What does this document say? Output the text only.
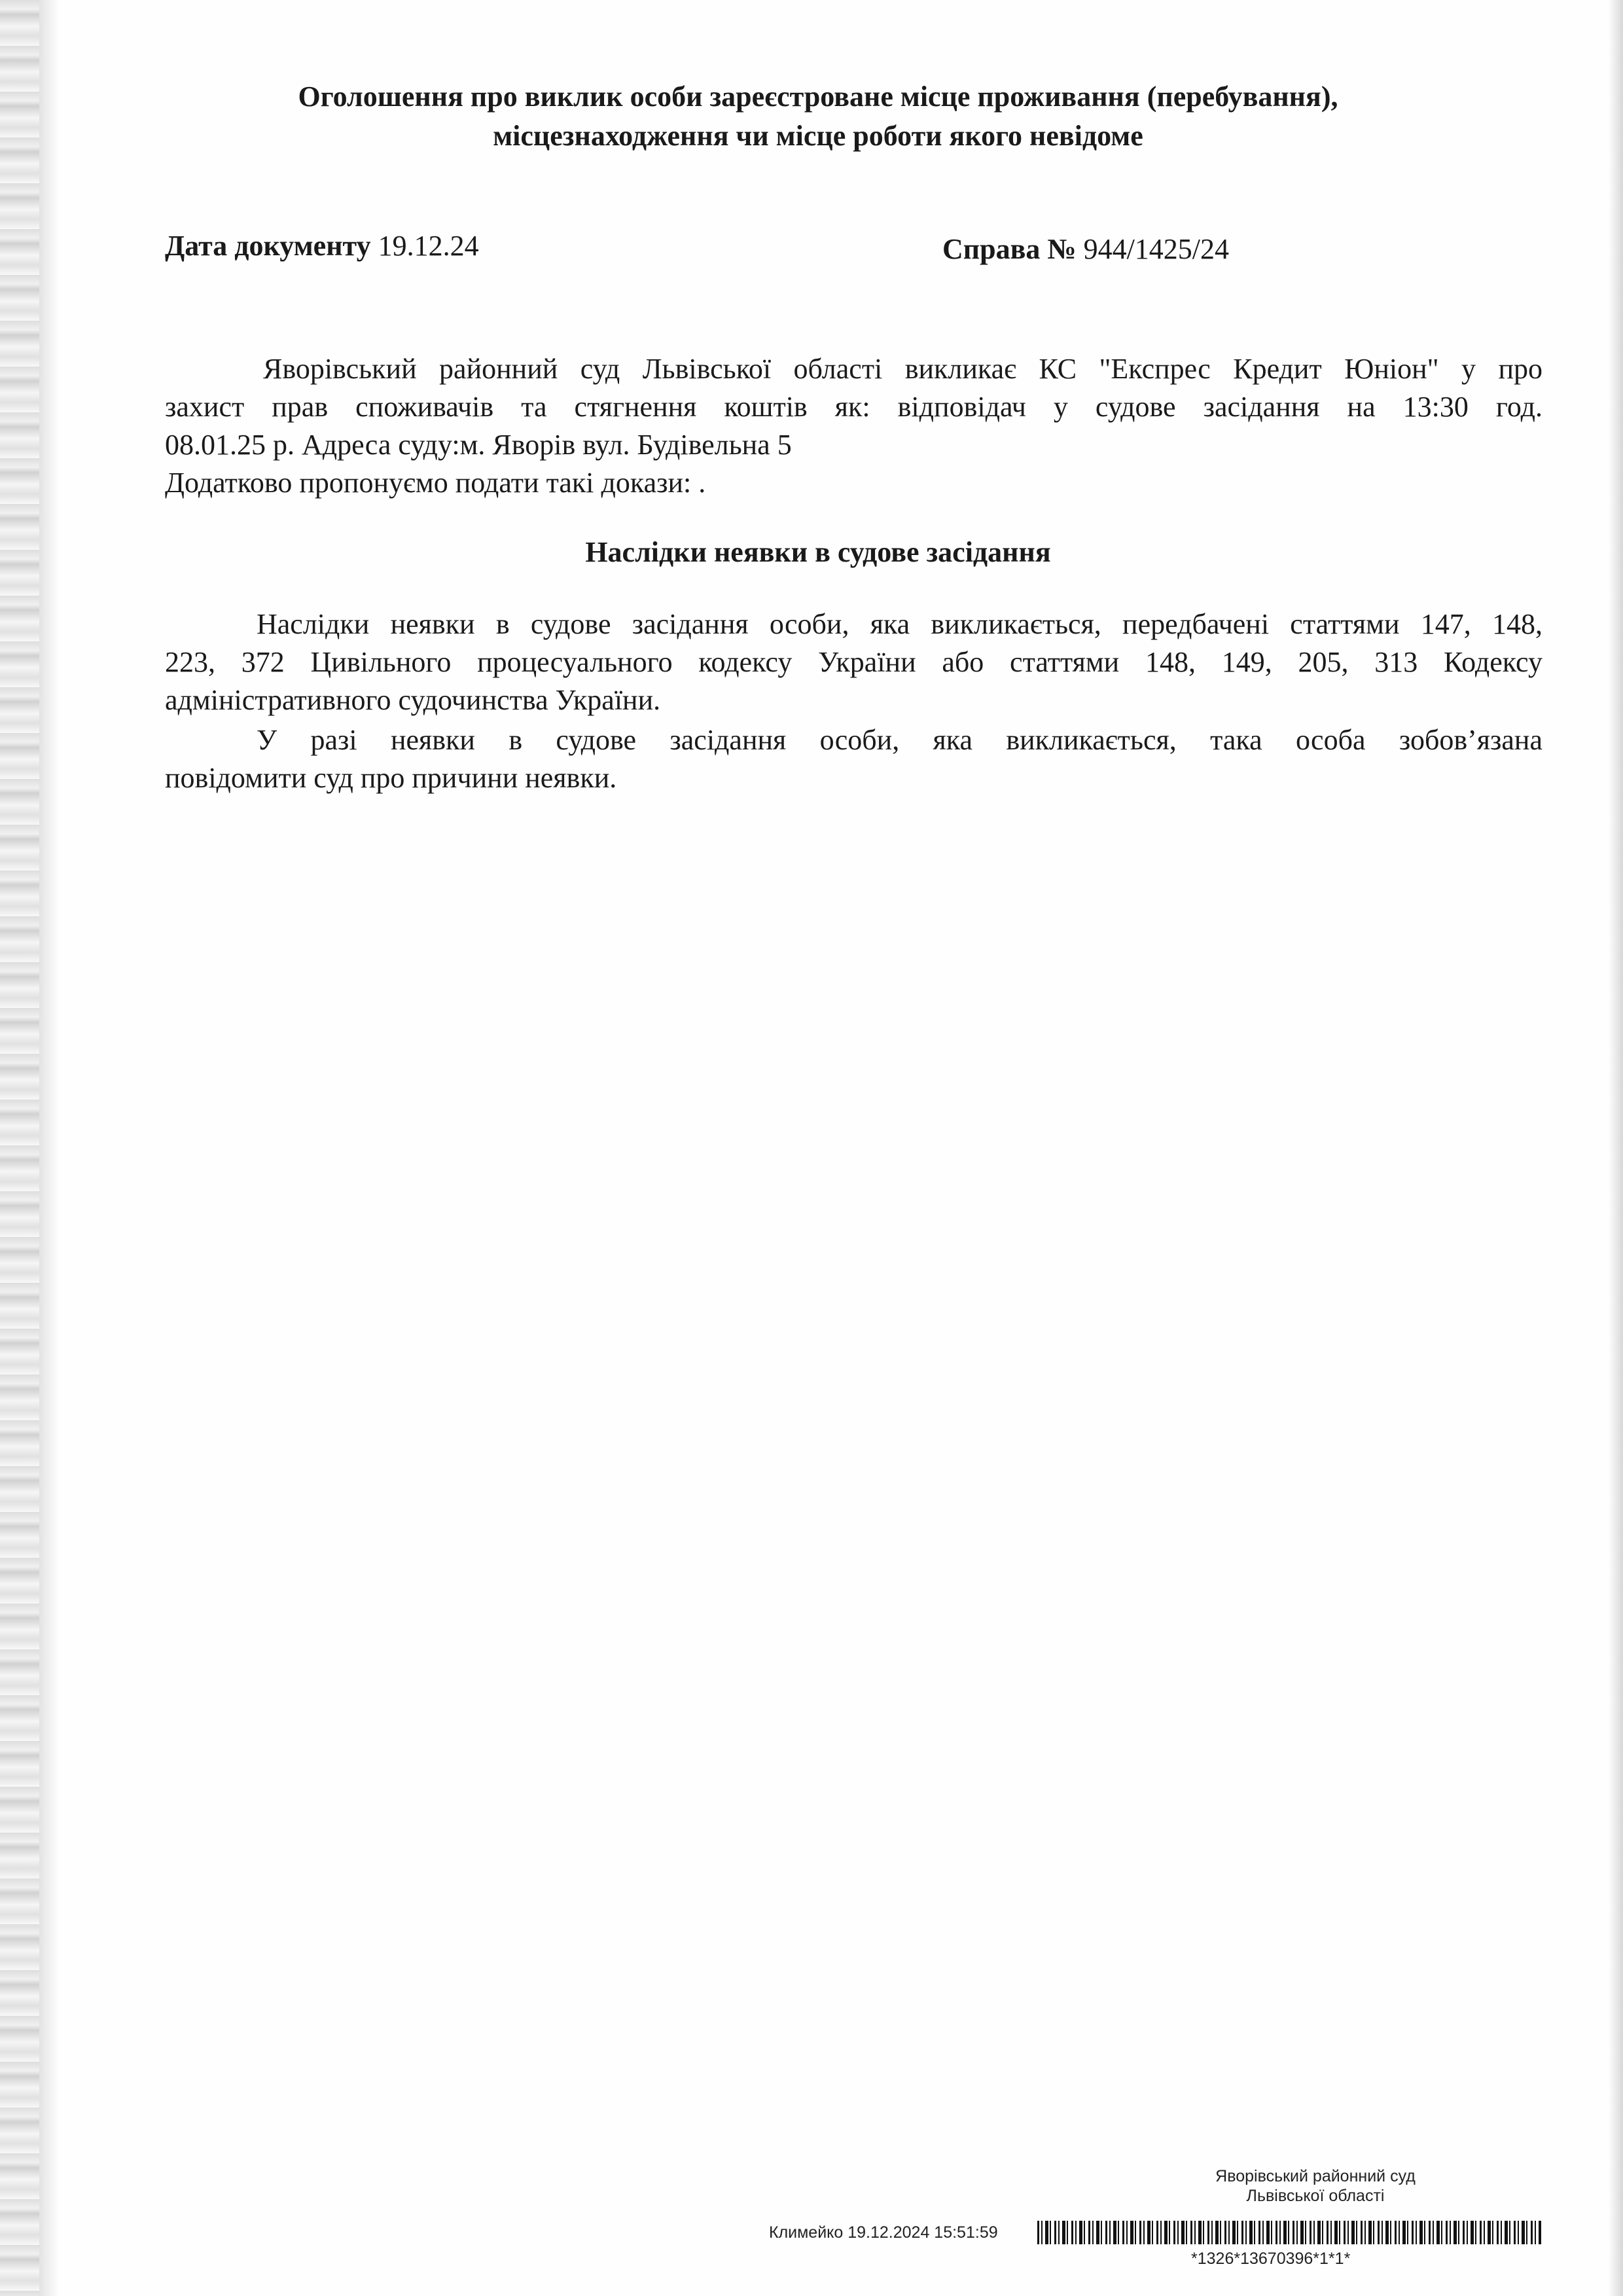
Оголошення про виклик особи зареєстроване місце проживання (перебування),
місцезнаходження чи місце роботи якого невідоме
Дата документу 19.12.24	Справа № 944/1425/24
Яворівський районний суд Львівської області викликає КС "Експрес Кредит Юніон" у про
захист прав споживачів та стягнення коштів як: відповідач у судове засідання на 13:30 год.
08.01.25 р. Адреса суду:м. Яворів вул. Будівельна 5
Додатково пропонуємо подати такі докази: .
Наслідки неявки в судове засідання
Наслідки неявки в судове засідання особи, яка викликається, передбачені статтями 147, 148,
223, 372 Цивільного процесуального кодексу України або статтями 148, 149, 205, 313 Кодексу
адміністративного судочинства України.
У разі неявки в судове засідання особи, яка викликається, така особа зобов’язана
повідомити суд про причини неявки.
Яворівський районний суд
Львівської області
Климейко 19.12.2024 15:51:59
*1326*13670396*1*1*
